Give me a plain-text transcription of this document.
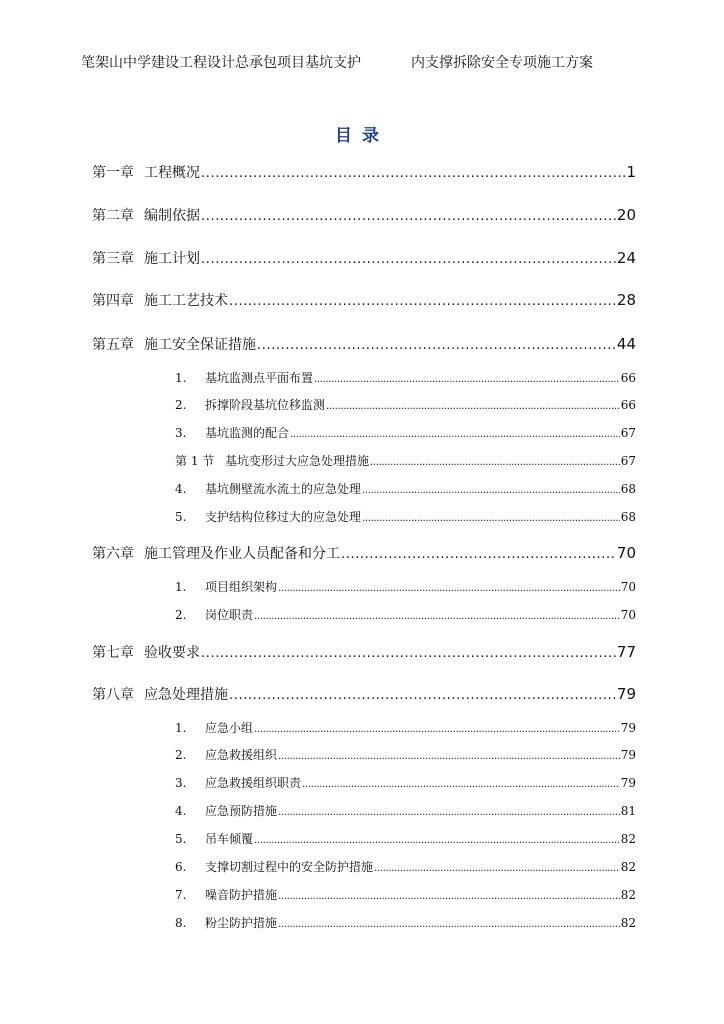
笔架山中学建设工程设计总承包项目基坑支护	内支撑拆除安全专项施工方案
目录
第一章 工程概况 .....	1
第二章 编制依据 .....	20
第三章 施工计划 .....	24
第四章 施工工艺技术 .....	28
第五章 施工安全保证措施 .....	44
1.	基坑监测点平面布置 .....	66
2.	拆撑阶段基坑位移监测 .....	66
3.	基坑监测的配合 .....	67
第 1 节 基坑变形过大应急处理措施 .....	67
4.	基坑侧壁流水流土的应急处理 .....	68
5.	支护结构位移过大的应急处理 .....	68
第六章 施工管理及作业人员配备和分工 .....	70
1.	项目组织架构 .....	70
2.	岗位职责 .....	70
第七章 验收要求 .....	77
第八章 应急处理措施 .....	79
1.	应急小组 .....	79
2.	应急救援组织 .....	79
3.	应急救援组织职责 .....	79
4.	应急预防措施 .....	81
5.	吊车倾覆 .....	82
6.	支撑切割过程中的安全防护措施 .....	82
7.	噪音防护措施 .....	82
8.	粉尘防护措施 .....	82
